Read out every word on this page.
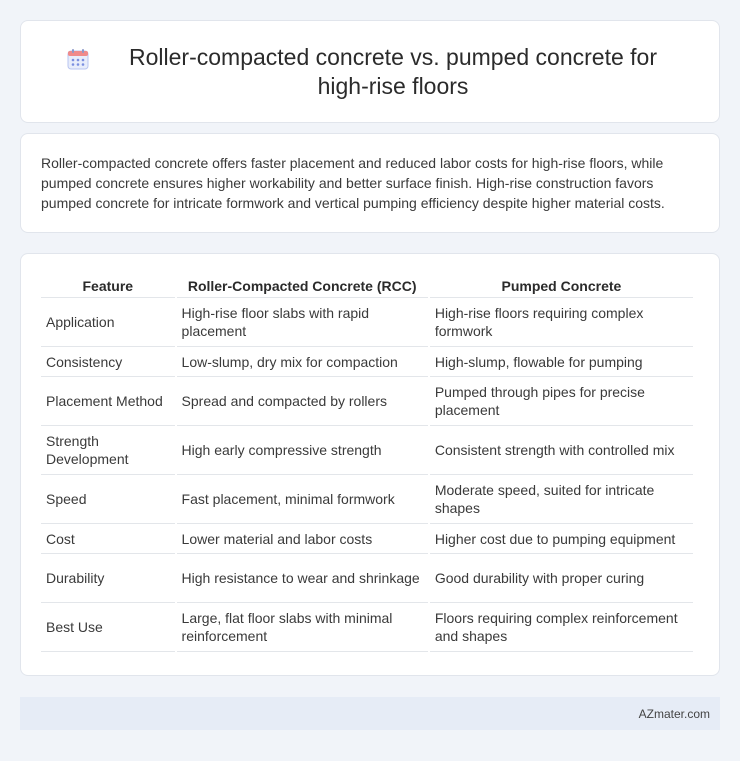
Roller-compacted concrete vs. pumped concrete for high-rise floors

Roller-compacted concrete offers faster placement and reduced labor costs for high-rise floors, while pumped concrete ensures higher workability and better surface finish. High-rise construction favors pumped concrete for intricate formwork and vertical pumping efficiency despite higher material costs.

Feature	Roller-Compacted Concrete (RCC)	Pumped Concrete
Application	High-rise floor slabs with rapid placement	High-rise floors requiring complex formwork
Consistency	Low-slump, dry mix for compaction	High-slump, flowable for pumping
Placement Method	Spread and compacted by rollers	Pumped through pipes for precise placement
Strength Development	High early compressive strength	Consistent strength with controlled mix
Speed	Fast placement, minimal formwork	Moderate speed, suited for intricate shapes
Cost	Lower material and labor costs	Higher cost due to pumping equipment
Durability	High resistance to wear and shrinkage	Good durability with proper curing
Best Use	Large, flat floor slabs with minimal reinforcement	Floors requiring complex reinforcement and shapes
AZmater.com
